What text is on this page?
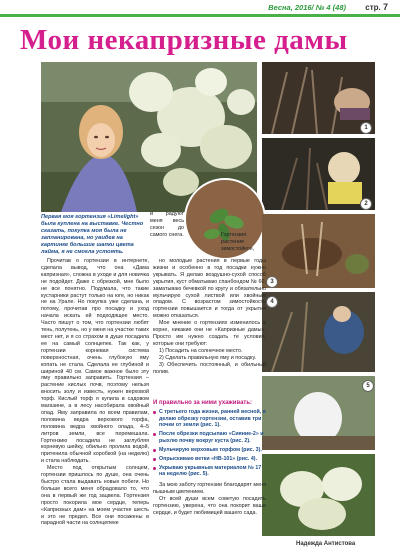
Весна, 2016/ № 4 (48) стр. 7
Мои некапризные дамы
1
2
3
4
5
Первая моя гортензия «Limelight» была куплена на выставке. Честно сказать, покупка моя была не запланирована, но увидев на картинке большие шапки цвета лайма, я не смогла устоять.
и радуют меня весь сезон до самого снега.	Гортензия растение зимостойкое,

Прочитав о гортензии в интернете, сделала вывод, что она «Дама капризная», сложна в уходе и для новичка не подойдет. Даже с обрезкой, мне было не все понятно. Подумала, что такие кустарники растут только на юге, но никак не на Урале. Но покупка уже сделана, и потому, прочитав про посадку и уход начала искать ей подходящее место. Часто пишут о том, что гортензии любят тень, полутень, но у меня на участке таких мест нет, и я со страхом в душе посадила ее на самый солнцепек. Так как, у гортензии корневая система поверхностная, очень глубокую яму копать не стала. Сделала ее глубиной и шириной 40 см. Самое важное было эту яму правильно заправить. Гортензия – растение кислых почв, поэтому нельзя вносить золу и известь, нужен верховой торф. Кислый торф я купила в садовом магазине, а в лесу насобирала хвойный опад. Яму заправила по всем правилам, половина ведра верхового торфа, половина ведра хвойного опада, 4–5 литров земли, все перемешала. Гортензию посадила не заглубляя корневую шейку, обильно пролила водой, притенила обычной коробкой (на неделю) и стала наблюдать.

Место под открытым солнцем, гортензии пришлось по душе, она очень быстро стала выдавать новые побеги. Но больше всего меня обрадовало то, что она в первый же год зацвела. Гортензия просто покорила мое сердце, теперь «Капризных дам» на моем участке шесть и это не предел. Все они посажены в парадной части на солнцепеке

но молодые растения в первые годы жизни и особенно в год посадки нужно укрывать. Я делаю воздушно-сухой способ укрытия, куст обматываю спанбондом № 60, заматываю бечевкой по кругу и обязательно мульчирую сухой листвой или хвойным опадом. С возрастом зимостойкость гортензии повышается и тогда от укрытия можно отказаться.

Мое мнение о гортензиях изменилось в корне, никакие они не «Капризные дамы». Просто им нужно создать те условия, которые они требуют:

1) Посадить на солнечное место.

2) Сделать правильную яму и посадку.

3) Обеспечить постоянный, и обильный полив.

И правильно за ними ухаживать:
С третьего года жизни, ранней весной, я делаю обрезку гортензии, оставив три почки от земли (рис. 1).
После обрезки подсыпаю «Сияние-2» и рыхлю почву вокруг куста (рис. 2).
Мульчирую верховым торфом (рис. 3).
Опрыскиваю ветки «НВ-101» (рис. 4).
Укрываю укрывным материалом № 17 на неделю (рис. 5).

За мою заботу гортензии благодарят меня пышным цветением.

От всей души всем советую посадить гортензию, уверена, что она покорит ваше сердце, и будет любимицей вашего сада.

Надежда Антистова
